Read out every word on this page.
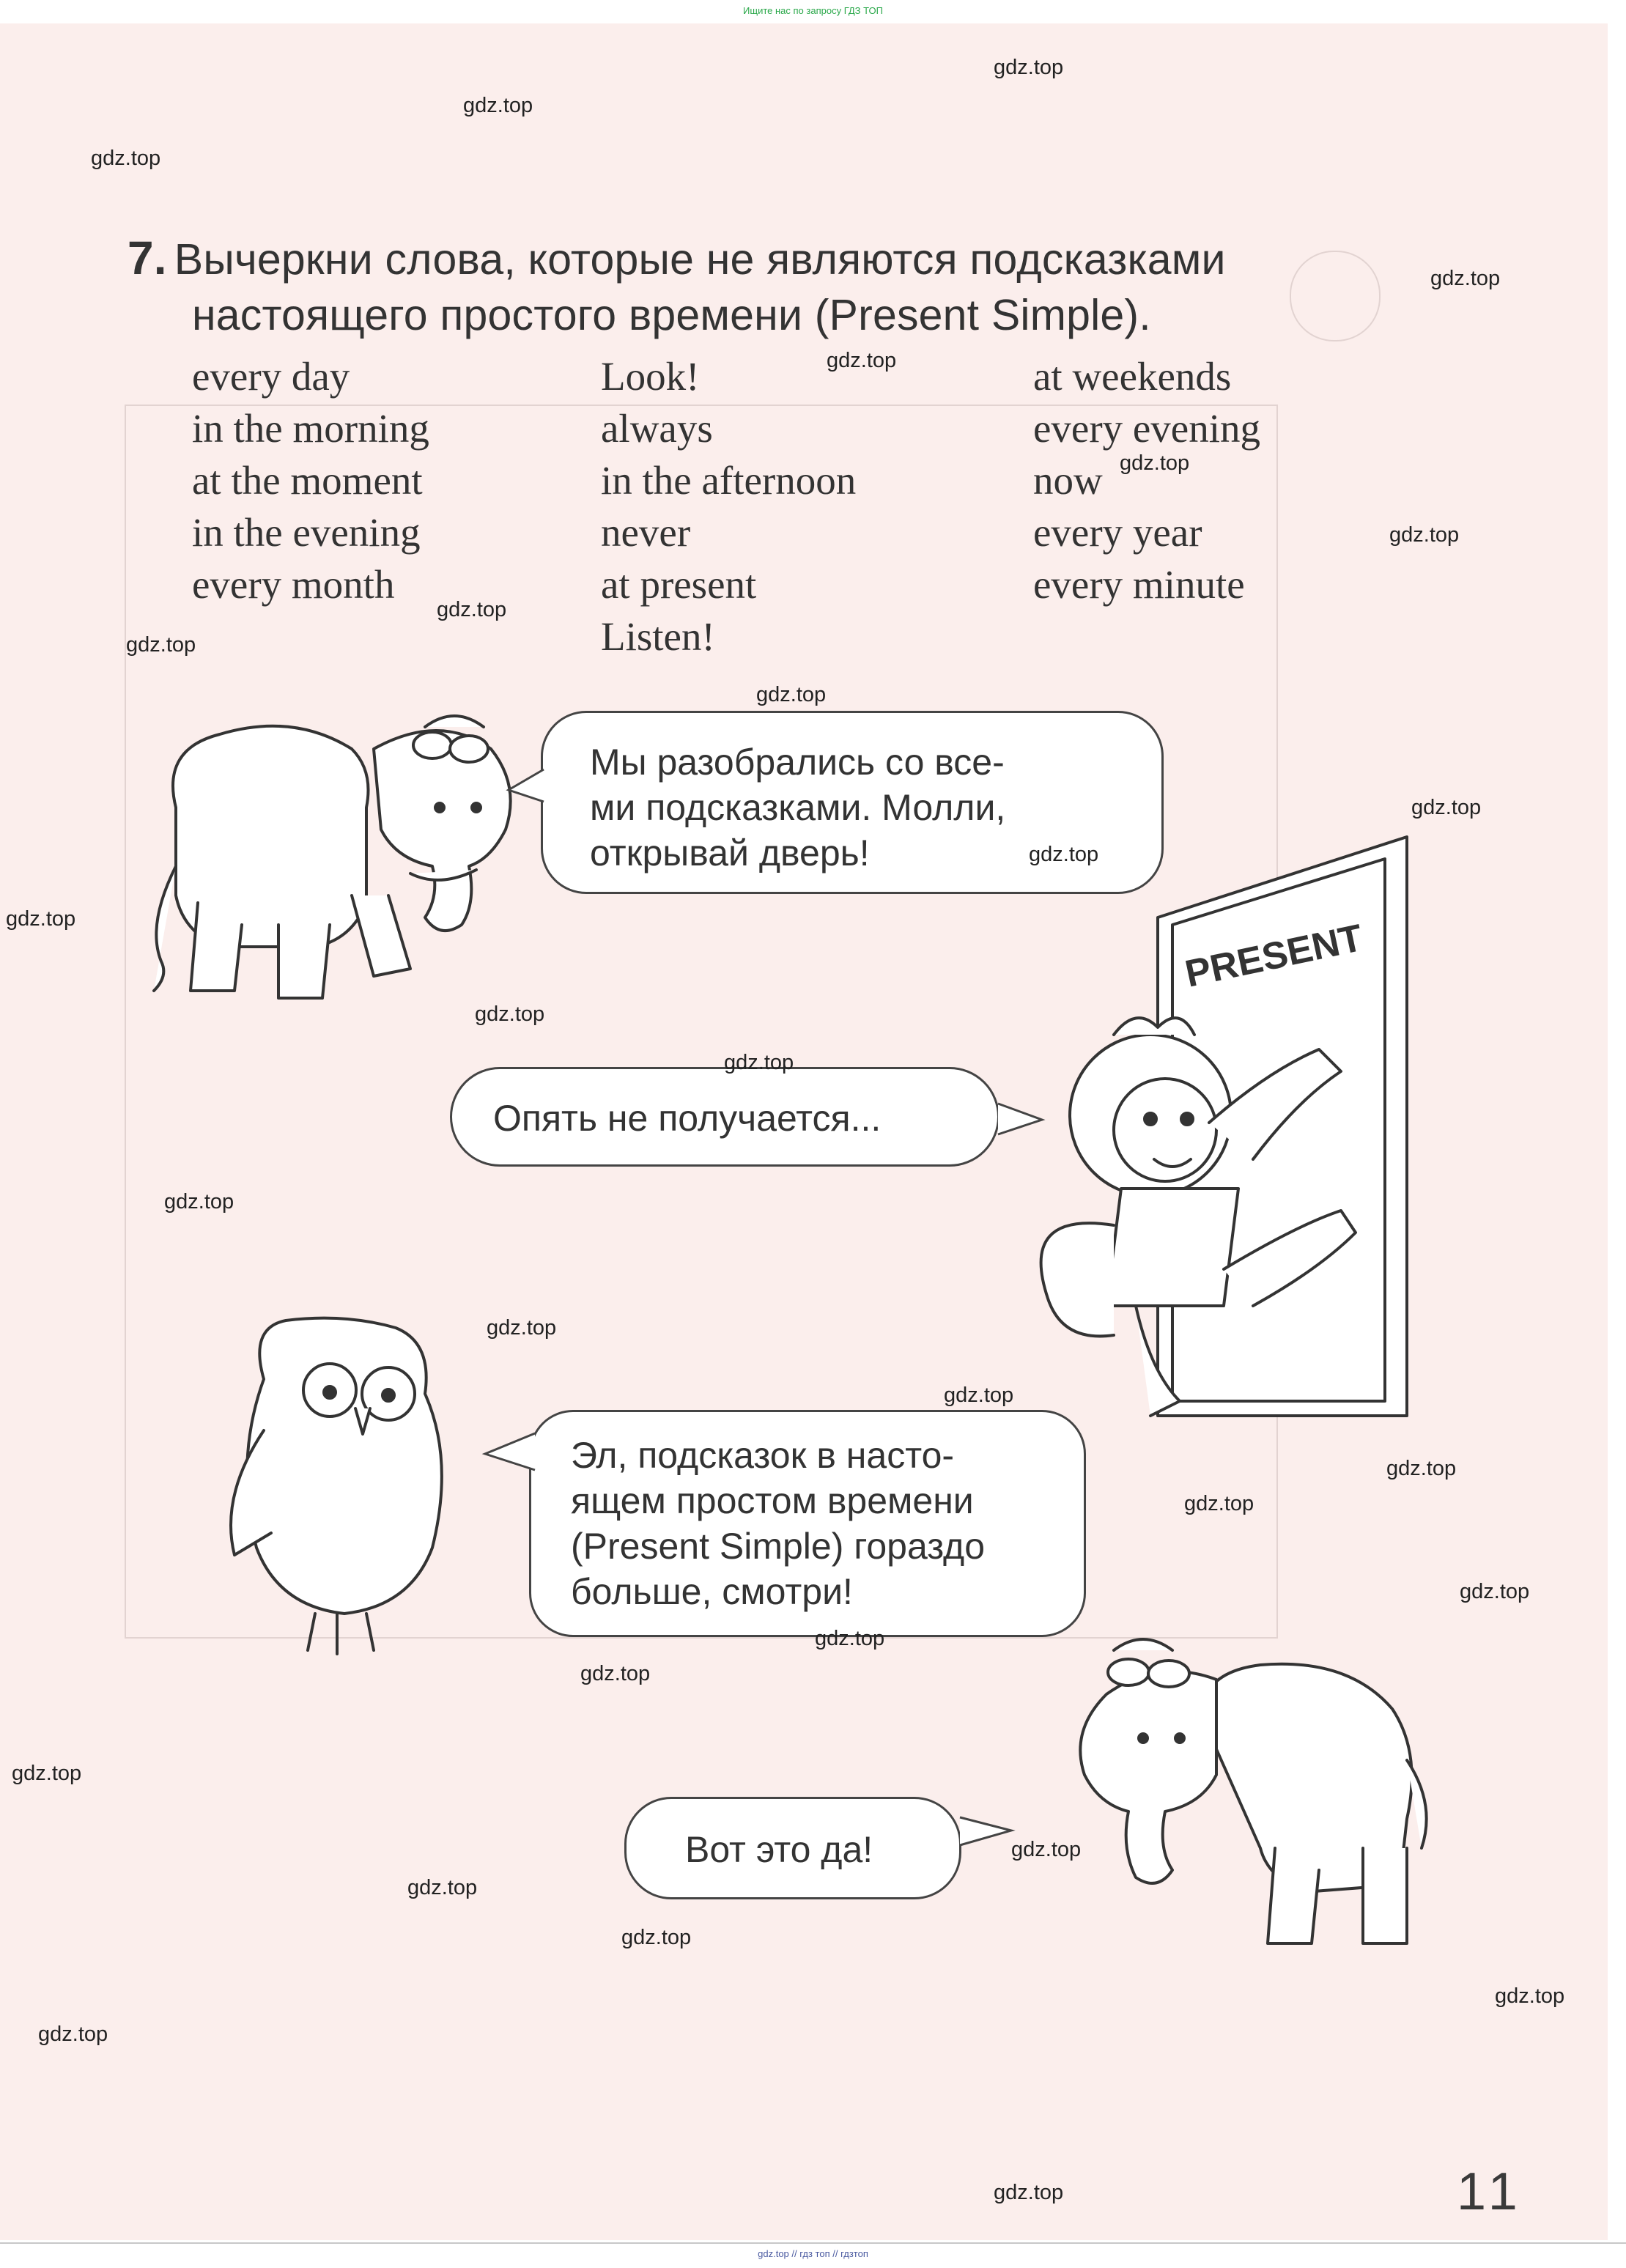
Ищите нас по запросу ГДЗ ТОП
7. Вычеркни слова, которые не являются подсказками
настоящего простого времени (Present Simple).
every day
in the morning
at the moment
in the evening
every month
Look!
always
in the afternoon
never
at present
Listen!
at weekends
every evening
now
every year
every minute
Мы разобрались со все-
ми подсказками. Молли,
открывай дверь!
PRESENT
Опять не получается...
Эл, подсказок в насто-
ящем простом времени
(Present Simple) гораздо
больше, смотри!
Вот это да!
11
gdz.top
gdz.top
gdz.top
gdz.top
gdz.top
gdz.top
gdz.top
gdz.top
gdz.top
gdz.top
gdz.top
gdz.top
gdz.top
gdz.top
gdz.top
gdz.top
gdz.top
gdz.top
gdz.top
gdz.top
gdz.top
gdz.top
gdz.top
gdz.top
gdz.top
gdz.top
gdz.top
gdz.top
gdz.top
gdz.top
gdz.top // гдз топ // гдзтоп
